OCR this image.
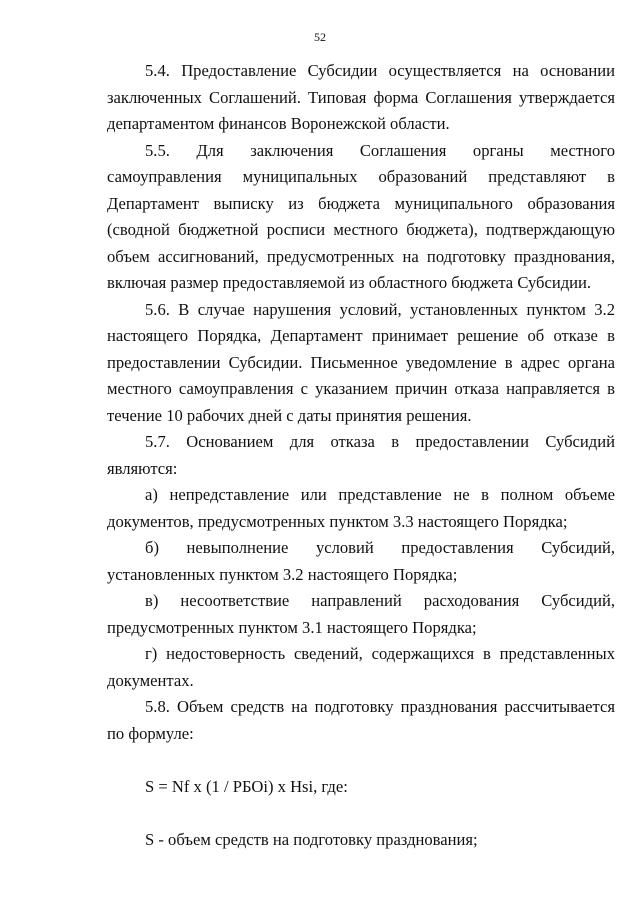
52

5.4. Предоставление Субсидии осуществляется на основании заключенных Соглашений. Типовая форма Соглашения утверждается департаментом финансов Воронежской области.

5.5. Для заключения Соглашения органы местного самоуправления муниципальных образований представляют в Департамент выписку из бюджета муниципального образования (сводной бюджетной росписи местного бюджета), подтверждающую объем ассигнований, предусмотренных на подготовку празднования, включая размер предоставляемой из областного бюджета Субсидии.

5.6. В случае нарушения условий, установленных пунктом 3.2 настоящего Порядка, Департамент принимает решение об отказе в предоставлении Субсидии. Письменное уведомление в адрес органа местного самоуправления с указанием причин отказа направляется в течение 10 рабочих дней с даты принятия решения.

5.7. Основанием для отказа в предоставлении Субсидий являются:

а) непредставление или представление не в полном объеме документов, предусмотренных пунктом 3.3 настоящего Порядка;

б) невыполнение условий предоставления Субсидий, установленных пунктом 3.2 настоящего Порядка;

в) несоответствие направлений расходования Субсидий, предусмотренных пунктом 3.1 настоящего Порядка;

г) недостоверность сведений, содержащихся в представленных документах.

5.8. Объем средств на подготовку празднования рассчитывается по формуле:

S = Nf x (1 / РБОi) x Hsi, где:

S - объем средств на подготовку празднования;
